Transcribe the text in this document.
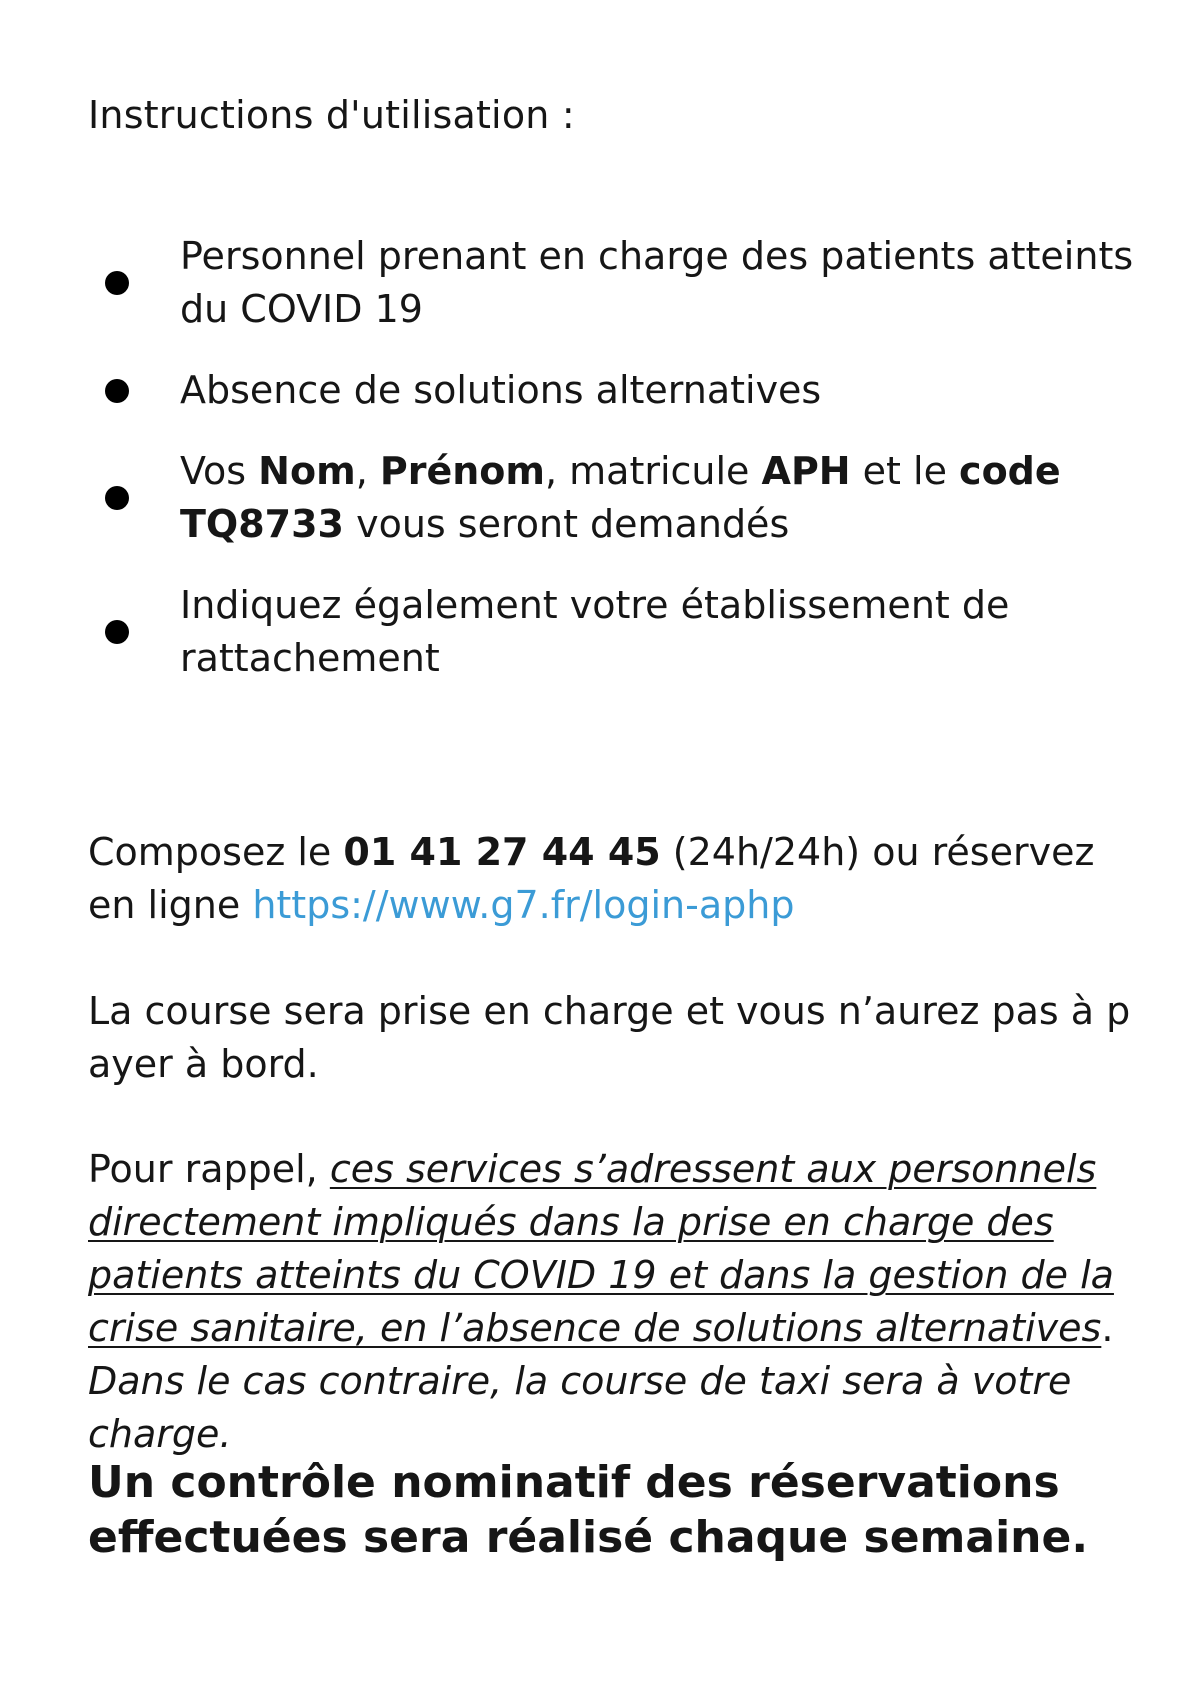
Instructions d'utilisation :
Personnel prenant en charge des patients atteints du COVID 19
Absence de solutions alternatives
Vos Nom, Prénom, matricule APH et le code TQ8733 vous seront demandés
Indiquez également votre établissement de rattachement

Composez le 01 41 27 44 45 (24h/24h) ou réservez en ligne https://www.g7.fr/login-aphp

La course sera prise en charge et vous n’aurez pas à p ayer à bord.

Pour rappel, ces services s’adressent aux personnels directement impliqués dans la prise en charge des patients atteints du COVID 19 et dans la gestion de la crise sanitaire, en l’absence de solutions alternatives. Dans le cas contraire, la course de taxi sera à votre charge.

Un contrôle nominatif des réservations effectuées sera réalisé chaque semaine.
